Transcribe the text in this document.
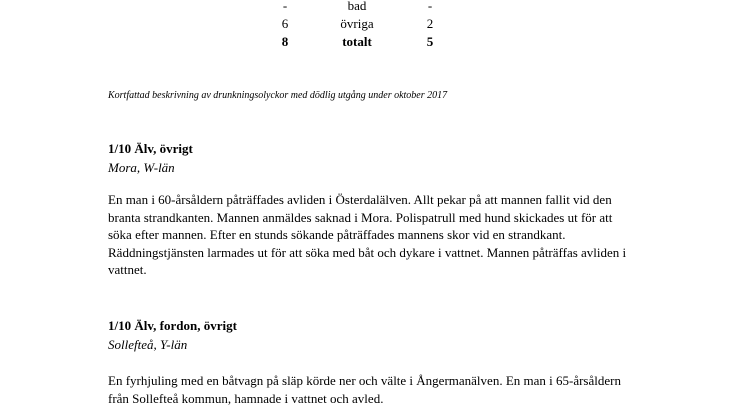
-	bad	-
6	övriga	2
8	totalt	5
Kortfattad beskrivning av drunkningsolyckor med dödlig utgång under oktober 2017
1/10 Älv, övrigt
Mora, W-län
En man i 60-årsåldern påträffades avliden i Österdalälven. Allt pekar på att mannen fallit vid den
branta strandkanten. Mannen anmäldes saknad i Mora. Polispatrull med hund skickades ut för att
söka efter mannen. Efter en stunds sökande påträffades mannens skor vid en strandkant.
Räddningstjänsten larmades ut för att söka med båt och dykare i vattnet. Mannen påträffas avliden i
vattnet.
1/10 Älv, fordon, övrigt
Sollefteå, Y-län
En fyrhjuling med en båtvagn på släp körde ner och välte i Ångermanälven. En man i 65-årsåldern
från Sollefteå kommun, hamnade i vattnet och avled.
